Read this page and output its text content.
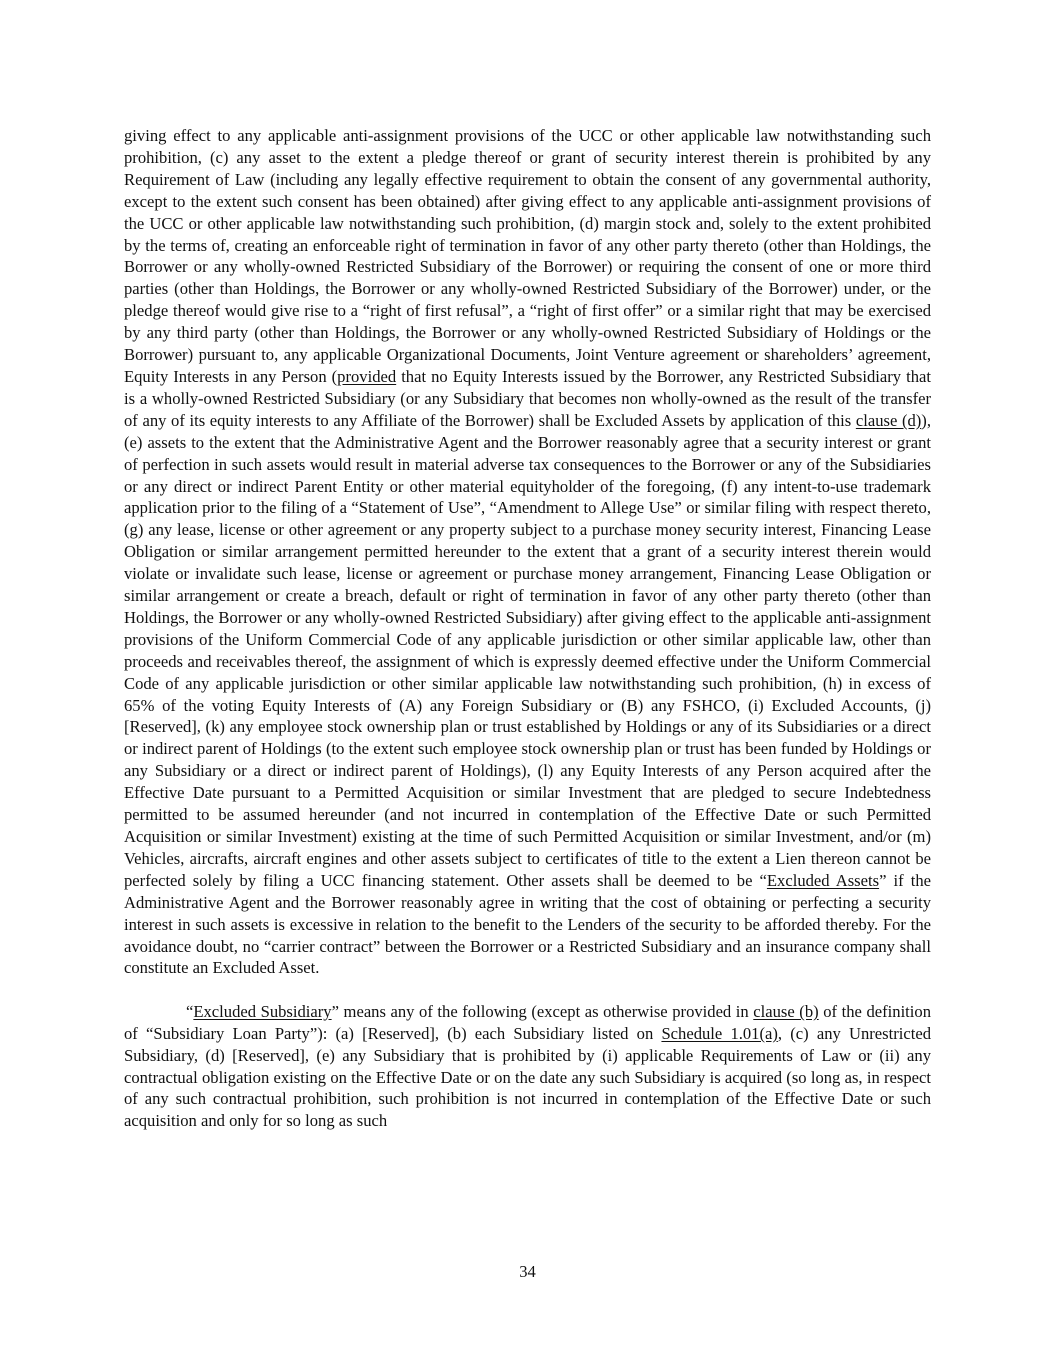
giving effect to any applicable anti-assignment provisions of the UCC or other applicable law notwithstanding such prohibition, (c) any asset to the extent a pledge thereof or grant of security interest therein is prohibited by any Requirement of Law (including any legally effective requirement to obtain the consent of any governmental authority, except to the extent such consent has been obtained) after giving effect to any applicable anti-assignment provisions of the UCC or other applicable law notwithstanding such prohibition, (d) margin stock and, solely to the extent prohibited by the terms of, creating an enforceable right of termination in favor of any other party thereto (other than Holdings, the Borrower or any wholly-owned Restricted Subsidiary of the Borrower) or requiring the consent of one or more third parties (other than Holdings, the Borrower or any wholly-owned Restricted Subsidiary of the Borrower) under, or the pledge thereof would give rise to a “right of first refusal”, a “right of first offer” or a similar right that may be exercised by any third party (other than Holdings, the Borrower or any wholly-owned Restricted Subsidiary of Holdings or the Borrower) pursuant to, any applicable Organizational Documents, Joint Venture agreement or shareholders’ agreement, Equity Interests in any Person (provided that no Equity Interests issued by the Borrower, any Restricted Subsidiary that is a wholly-owned Restricted Subsidiary (or any Subsidiary that becomes non wholly-owned as the result of the transfer of any of its equity interests to any Affiliate of the Borrower) shall be Excluded Assets by application of this clause (d)), (e) assets to the extent that the Administrative Agent and the Borrower reasonably agree that a security interest or grant of perfection in such assets would result in material adverse tax consequences to the Borrower or any of the Subsidiaries or any direct or indirect Parent Entity or other material equityholder of the foregoing, (f) any intent-to-use trademark application prior to the filing of a “Statement of Use”, “Amendment to Allege Use” or similar filing with respect thereto, (g) any lease, license or other agreement or any property subject to a purchase money security interest, Financing Lease Obligation or similar arrangement permitted hereunder to the extent that a grant of a security interest therein would violate or invalidate such lease, license or agreement or purchase money arrangement, Financing Lease Obligation or similar arrangement or create a breach, default or right of termination in favor of any other party thereto (other than Holdings, the Borrower or any wholly-owned Restricted Subsidiary) after giving effect to the applicable anti-assignment provisions of the Uniform Commercial Code of any applicable jurisdiction or other similar applicable law, other than proceeds and receivables thereof, the assignment of which is expressly deemed effective under the Uniform Commercial Code of any applicable jurisdiction or other similar applicable law notwithstanding such prohibition, (h) in excess of 65% of the voting Equity Interests of (A) any Foreign Subsidiary or (B) any FSHCO, (i) Excluded Accounts, (j) [Reserved], (k) any employee stock ownership plan or trust established by Holdings or any of its Subsidiaries or a direct or indirect parent of Holdings (to the extent such employee stock ownership plan or trust has been funded by Holdings or any Subsidiary or a direct or indirect parent of Holdings), (l) any Equity Interests of any Person acquired after the Effective Date pursuant to a Permitted Acquisition or similar Investment that are pledged to secure Indebtedness permitted to be assumed hereunder (and not incurred in contemplation of the Effective Date or such Permitted Acquisition or similar Investment) existing at the time of such Permitted Acquisition or similar Investment, and/or (m) Vehicles, aircrafts, aircraft engines and other assets subject to certificates of title to the extent a Lien thereon cannot be perfected solely by filing a UCC financing statement. Other assets shall be deemed to be “Excluded Assets” if the Administrative Agent and the Borrower reasonably agree in writing that the cost of obtaining or perfecting a security interest in such assets is excessive in relation to the benefit to the Lenders of the security to be afforded thereby. For the avoidance doubt, no “carrier contract” between the Borrower or a Restricted Subsidiary and an insurance company shall constitute an Excluded Asset.

“Excluded Subsidiary” means any of the following (except as otherwise provided in clause (b) of the definition of “Subsidiary Loan Party”): (a) [Reserved], (b) each Subsidiary listed on Schedule 1.01(a), (c) any Unrestricted Subsidiary, (d) [Reserved], (e) any Subsidiary that is prohibited by (i) applicable Requirements of Law or (ii) any contractual obligation existing on the Effective Date or on the date any such Subsidiary is acquired (so long as, in respect of any such contractual prohibition, such prohibition is not incurred in contemplation of the Effective Date or such acquisition and only for so long as such

34
